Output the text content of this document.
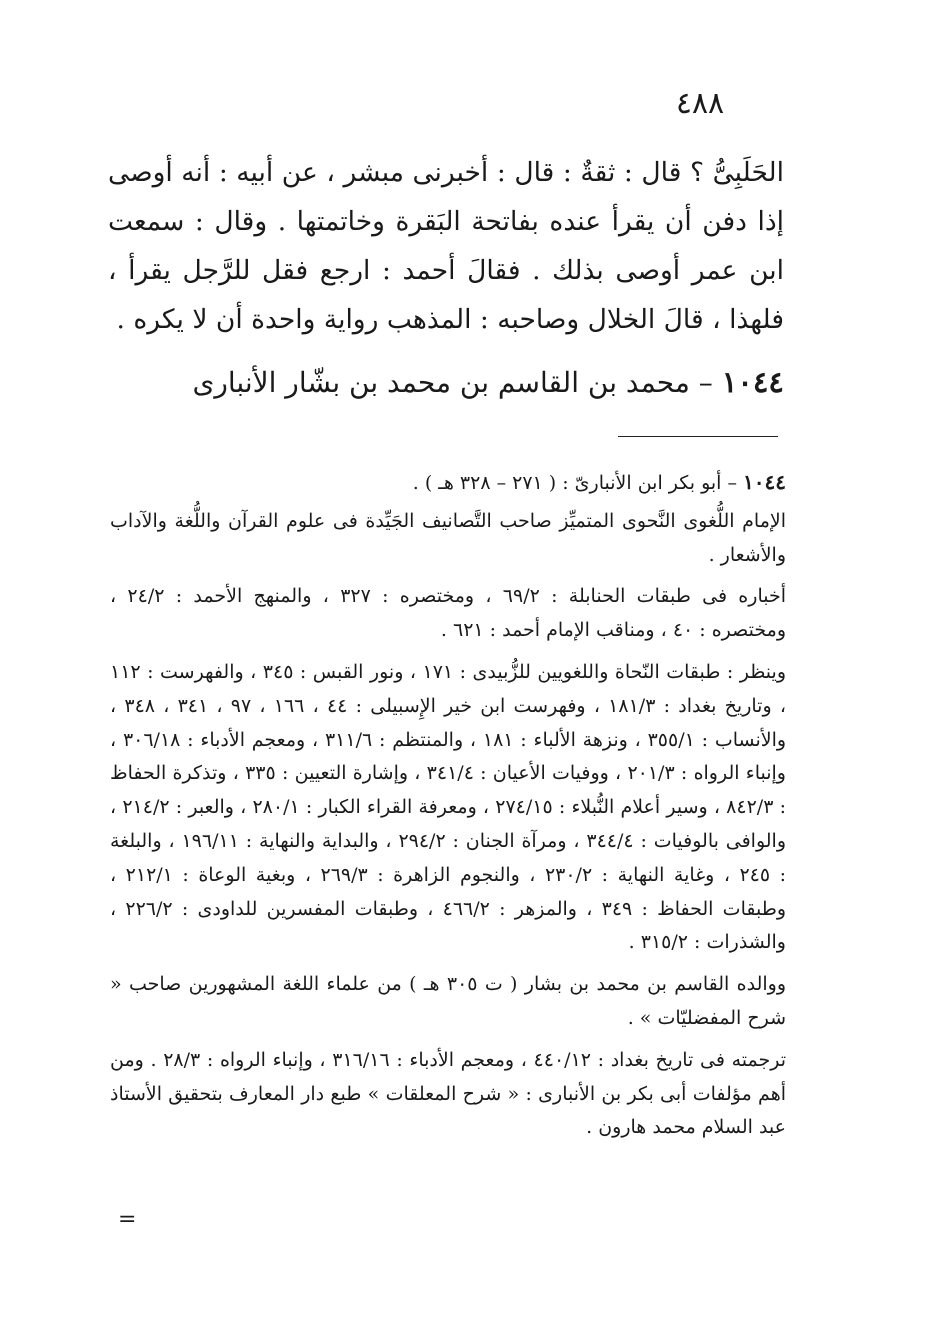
٤٨٨

الحَلَبِىُّ ؟ قال : ثقةٌ : قال : أخبرنى مبشر ، عن أبيه : أنه أوصى إذا دفن أن يقرأ عنده بفاتحة البَقرة وخاتمتها . وقال : سمعت ابن عمر أوصى بذلك . فقالَ أحمد : ارجع فقل للرَّجل يقرأ ، فلهذا ، قالَ الخلال وصاحبه : المذهب رواية واحدة أن لا يكره .

١٠٤٤ – محمد بن القاسم بن محمد بن بشّار الأنبارى

١٠٤٤ – أبو بكر ابن الأنبارىّ : ( ٢٧١ – ٣٢٨ هـ ) .

الإمام اللُّغوى النَّحوى المتميِّز صاحب التَّصانيف الجَيِّدة فى علوم القرآن واللُّغة والآداب والأشعار .

أخباره فى طبقات الحنابلة : ٦٩/٢ ، ومختصره : ٣٢٧ ، والمنهج الأحمد : ٢٤/٢ ، ومختصره : ٤٠ ، ومناقب الإمام أحمد : ٦٢١ .

وينظر : طبقات النّحاة واللغويين للزُّبيدى : ١٧١ ، ونور القبس : ٣٤٥ ، والفهرست : ١١٢ ، وتاريخ بغداد : ١٨١/٣ ، وفهرست ابن خير الإِسبيلى : ٤٤ ، ١٦٦ ، ٩٧ ، ٣٤١ ، ٣٤٨ ، والأنساب : ٣٥٥/١ ، ونزهة الألباء : ١٨١ ، والمنتظم : ٣١١/٦ ، ومعجم الأدباء : ٣٠٦/١٨ ، وإنباء الرواه : ٢٠١/٣ ، ووفيات الأعيان : ٣٤١/٤ ، وإشارة التعيين : ٣٣٥ ، وتذكرة الحفاظ : ٨٤٢/٣ ، وسير أعلام النُّبلاء : ٢٧٤/١٥ ، ومعرفة القراء الكبار : ٢٨٠/١ ، والعبر : ٢١٤/٢ ، والوافى بالوفيات : ٣٤٤/٤ ، ومرآة الجنان : ٢٩٤/٢ ، والبداية والنهاية : ١٩٦/١١ ، والبلغة : ٢٤٥ ، وغاية النهاية : ٢٣٠/٢ ، والنجوم الزاهرة : ٢٦٩/٣ ، وبغية الوعاة : ٢١٢/١ ، وطبقات الحفاظ : ٣٤٩ ، والمزهر : ٤٦٦/٢ ، وطبقات المفسرين للداودى : ٢٢٦/٢ ، والشذرات : ٣١٥/٢ .

ووالده القاسم بن محمد بن بشار ( ت ٣٠٥ هـ ) من علماء اللغة المشهورين صاحب « شرح المفضليّات » .

ترجمته فى تاريخ بغداد : ٤٤٠/١٢ ، ومعجم الأدباء : ٣١٦/١٦ ، وإنباء الرواه : ٢٨/٣ . ومن أهم مؤلفات أبى بكر بن الأنبارى : « شرح المعلقات » طبع دار المعارف بتحقيق الأستاذ عبد السلام محمد هارون .

=
